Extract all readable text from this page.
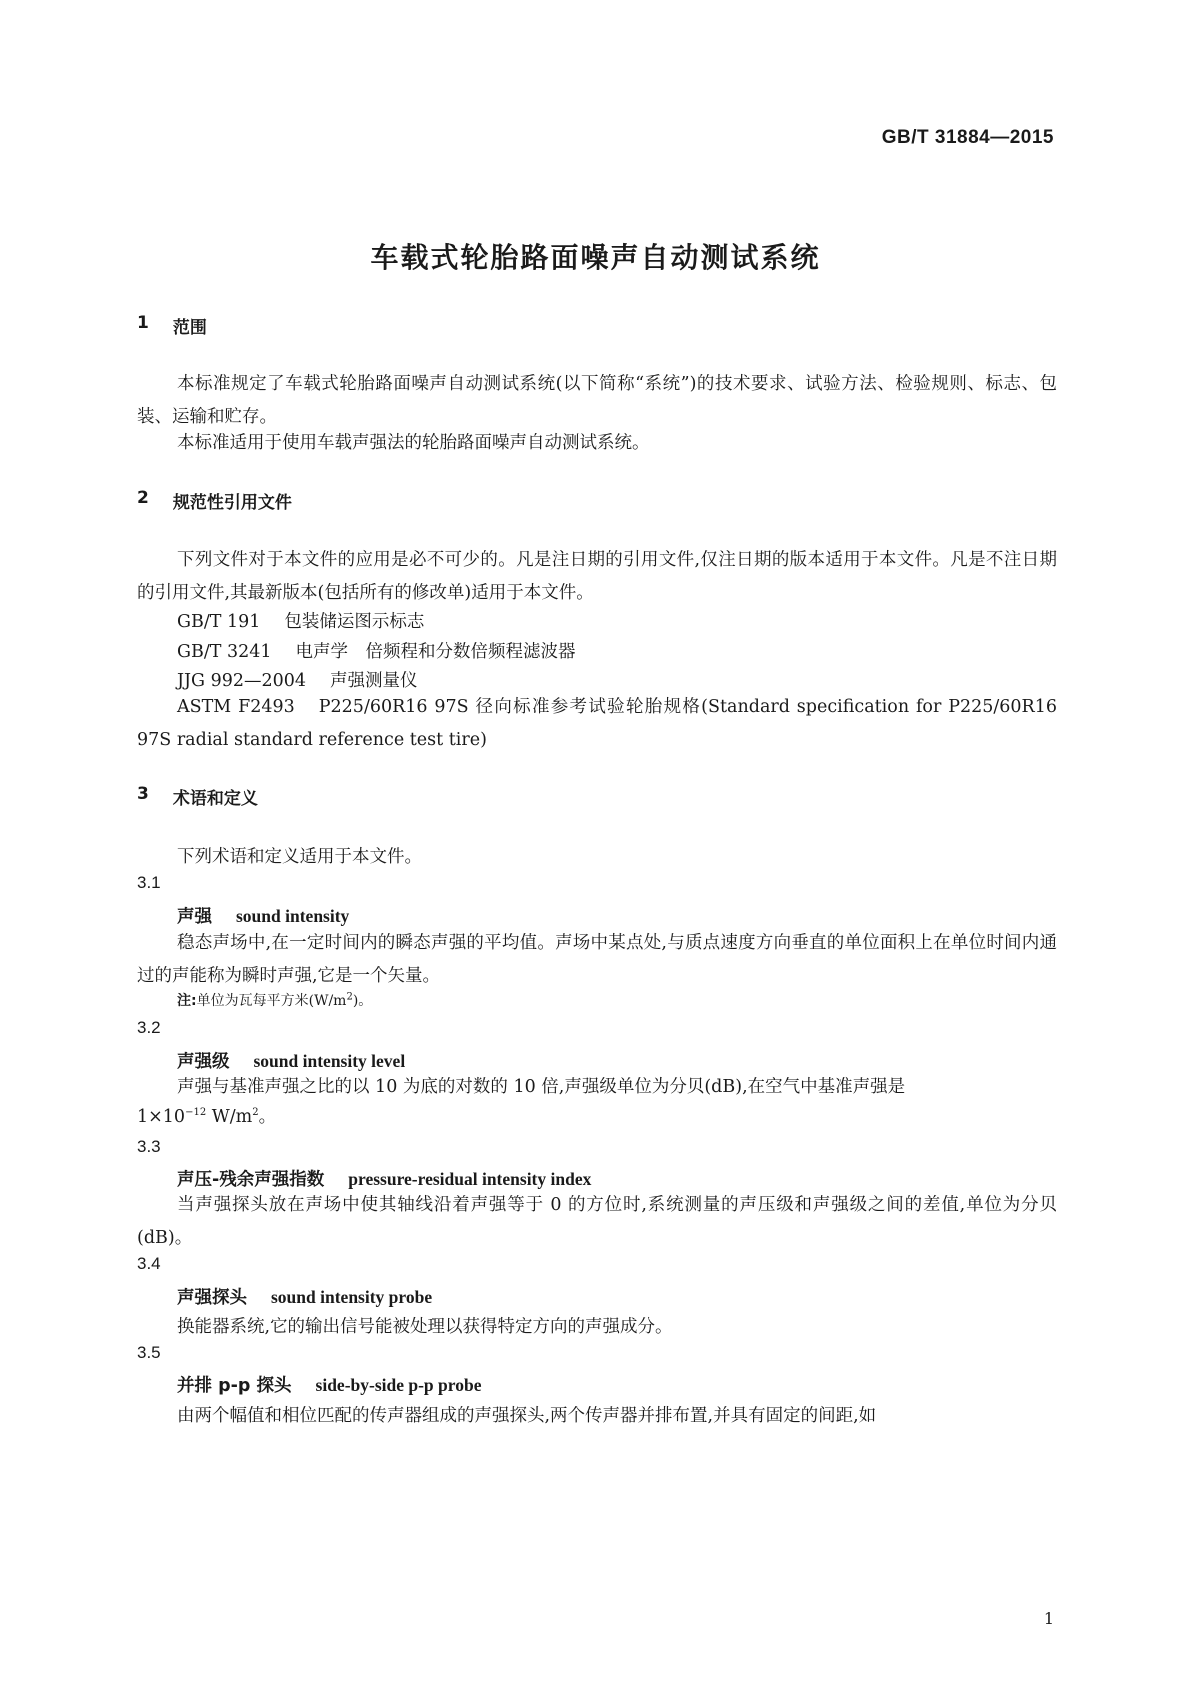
GB/T 31884—2015
车载式轮胎路面噪声自动测试系统
1 范围
本标准规定了车载式轮胎路面噪声自动测试系统(以下简称“系统”)的技术要求、试验方法、检验规则、标志、包装、运输和贮存。
本标准适用于使用车载声强法的轮胎路面噪声自动测试系统。
2 规范性引用文件
下列文件对于本文件的应用是必不可少的。凡是注日期的引用文件,仅注日期的版本适用于本文件。凡是不注日期的引用文件,其最新版本(包括所有的修改单)适用于本文件。
GB/T 191 包装储运图示标志
GB/T 3241 电声学　倍频程和分数倍频程滤波器
JJG 992—2004 声强测量仪
ASTM F2493 P225/60R16 97S 径向标准参考试验轮胎规格(Standard specification for P225/60R16 97S radial standard reference test tire)
3 术语和定义
下列术语和定义适用于本文件。
3.1
声强 sound intensity
稳态声场中,在一定时间内的瞬态声强的平均值。声场中某点处,与质点速度方向垂直的单位面积上在单位时间内通过的声能称为瞬时声强,它是一个矢量。
注:单位为瓦每平方米$(W/m^2)$。
3.2
声强级 sound intensity level
声强与基准声强之比的以 10 为底的对数的 10 倍,声强级单位为分贝(dB),在空气中基准声强是
$1\times 10^{-12}$ $W/m^2$。
3.3
声压-残余声强指数 pressure-residual intensity index
当声强探头放在声场中使其轴线沿着声强等于 0 的方位时,系统测量的声压级和声强级之间的差值,单位为分贝(dB)。
3.4
声强探头 sound intensity probe
换能器系统,它的输出信号能被处理以获得特定方向的声强成分。
3.5
并排 p-p 探头 side-by-side p-p probe
由两个幅值和相位匹配的传声器组成的声强探头,两个传声器并排布置,并具有固定的间距,如
1
